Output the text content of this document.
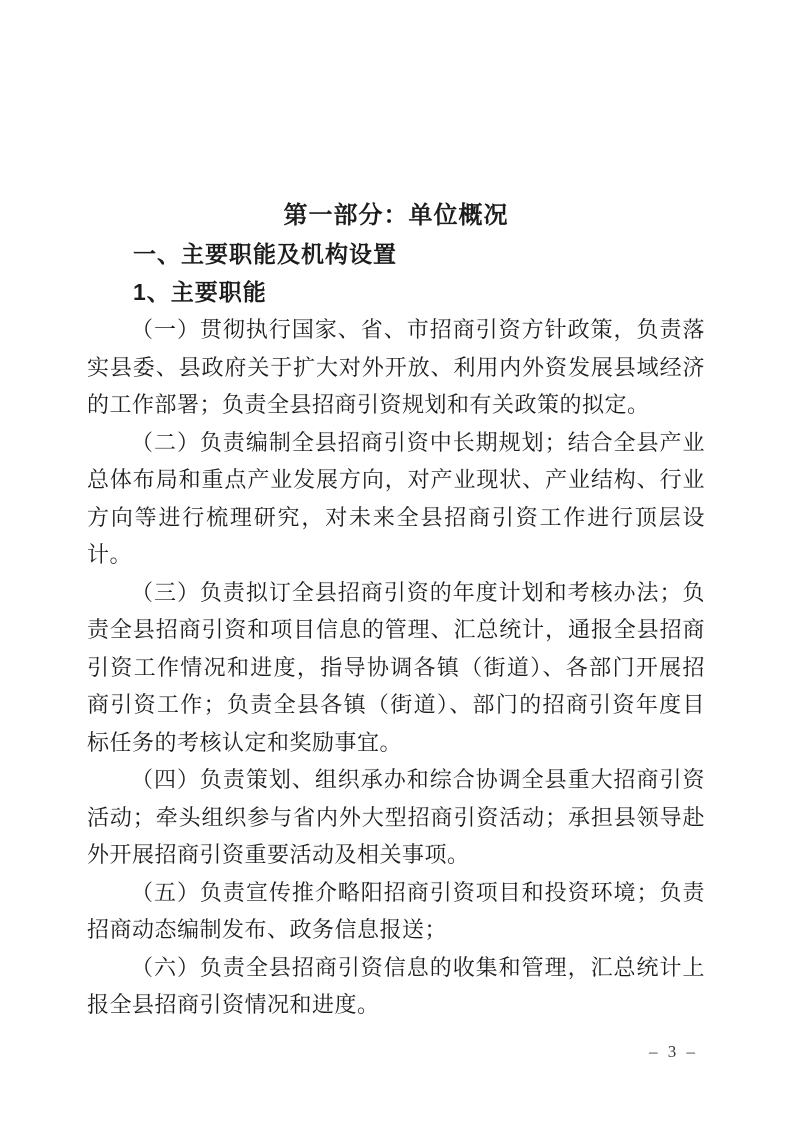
第一部分：单位概况
一、主要职能及机构设置
1、主要职能

（一）贯彻执行国家、省、市招商引资方针政策，负责落实县委、县政府关于扩大对外开放、利用内外资发展县域经济的工作部署；负责全县招商引资规划和有关政策的拟定。

（二）负责编制全县招商引资中长期规划；结合全县产业总体布局和重点产业发展方向，对产业现状、产业结构、行业方向等进行梳理研究，对未来全县招商引资工作进行顶层设计。

（三）负责拟订全县招商引资的年度计划和考核办法；负责全县招商引资和项目信息的管理、汇总统计，通报全县招商引资工作情况和进度，指导协调各镇（街道）、各部门开展招商引资工作；负责全县各镇（街道）、部门的招商引资年度目标任务的考核认定和奖励事宜。

（四）负责策划、组织承办和综合协调全县重大招商引资活动；牵头组织参与省内外大型招商引资活动；承担县领导赴外开展招商引资重要活动及相关事项。

（五）负责宣传推介略阳招商引资项目和投资环境；负责招商动态编制发布、政务信息报送；

（六）负责全县招商引资信息的收集和管理，汇总统计上报全县招商引资情况和进度。

– 3 –
